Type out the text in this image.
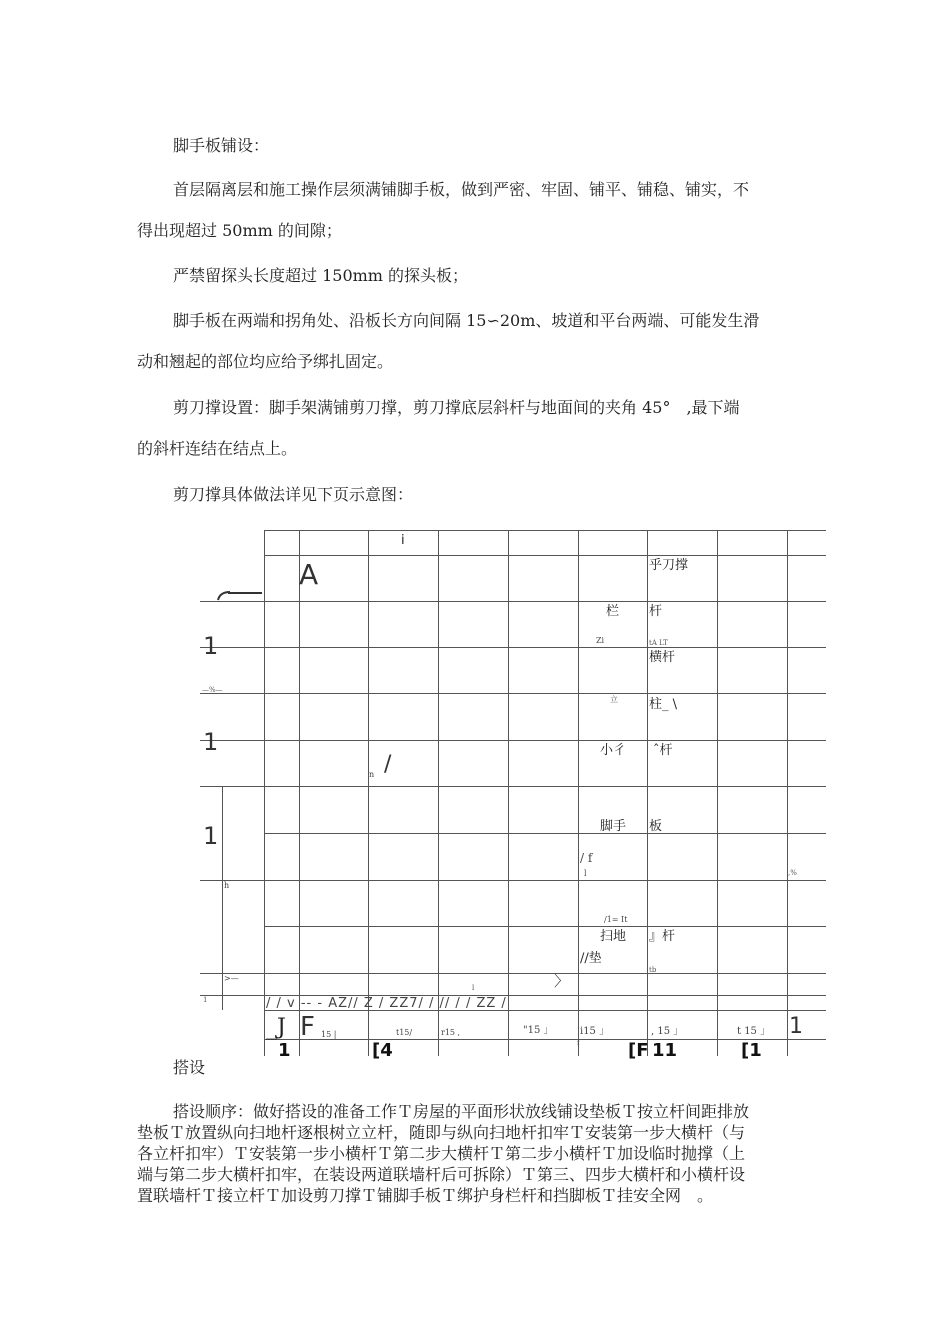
脚手板铺设：
首层隔离层和施工操作层须满铺脚手板，做到严密、牢固、铺平、铺稳、铺实，不
得出现超过 50mm 的间隙；
严禁留探头长度超过 150mm 的探头板；
脚手板在两端和拐角处、沿板长方向间隔 15∽20m、坡道和平台两端、可能发生滑
动和翘起的部位均应给予绑扎固定。
剪刀撑设置：脚手架满铺剪刀撑，剪刀撑底层斜杆与地面间的夹角 45°　,最下端
的斜杆连结在结点上。
剪刀撑具体做法详见下页示意图：
i
A
1
—%—
1
1
h
>—
1
乎刀撑
栏 杆
Zi	tA LT
横杆
立 柱_ \
小彳 ˆ杆
n /
脚手 板
/ f
l	,%
/1= It
扫地 』杆
//垫
tb
l	〉
/ / v -- - AZ// Z / ZZ7/ / // / / ZZ /
_J F 15 |	t15/	r15 ,	"15 」	i15 」	, 15 」	t 15 」 1
1	[4	f	[F 11	[1
搭设
搭设顺序：做好搭设的准备工作Ｔ房屋的平面形状放线铺设垫板Ｔ按立杆间距排放
垫板Ｔ放置纵向扫地杆逐根树立立杆，随即与纵向扫地杆扣牢Ｔ安装第一步大横杆（与
各立杆扣牢）Ｔ安装第一步小横杆Ｔ第二步大横杆Ｔ第二步小横杆Ｔ加设临时抛撑（上
端与第二步大横杆扣牢，在装设两道联墙杆后可拆除）Ｔ第三、四步大横杆和小横杆设
置联墙杆Ｔ接立杆Ｔ加设剪刀撑Ｔ铺脚手板Ｔ绑护身栏杆和挡脚板Ｔ挂安全网　。
